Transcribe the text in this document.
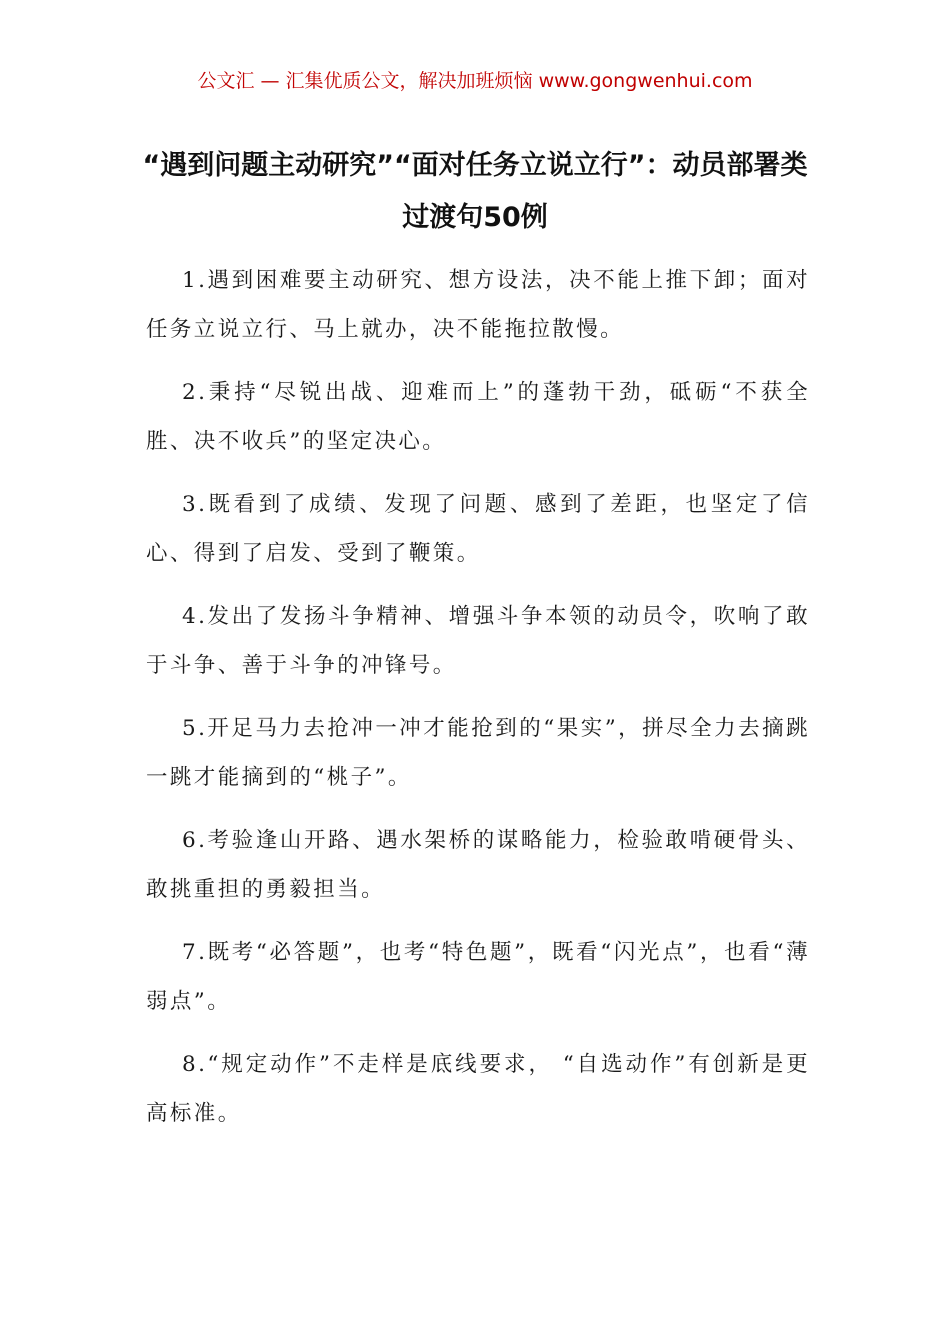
公文汇 — 汇集优质公文，解决加班烦恼 www.gongwenhui.com
“遇到问题主动研究”“面对任务立说立行”：动员部署类过渡句50例

1.遇到困难要主动研究、想方设法，决不能上推下卸；面对任务立说立行、马上就办，决不能拖拉散慢。

2.秉持“尽锐出战、迎难而上”的蓬勃干劲，砥砺“不获全胜、决不收兵”的坚定决心。

3.既看到了成绩、发现了问题、感到了差距，也坚定了信心、得到了启发、受到了鞭策。

4.发出了发扬斗争精神、增强斗争本领的动员令，吹响了敢于斗争、善于斗争的冲锋号。

5.开足马力去抢冲一冲才能抢到的“果实”，拼尽全力去摘跳一跳才能摘到的“桃子”。

6.考验逢山开路、遇水架桥的谋略能力，检验敢啃硬骨头、敢挑重担的勇毅担当。

7.既考“必答题”，也考“特色题”，既看“闪光点”，也看“薄弱点”。

8.“规定动作”不走样是底线要求， “自选动作”有创新是更高标准。
